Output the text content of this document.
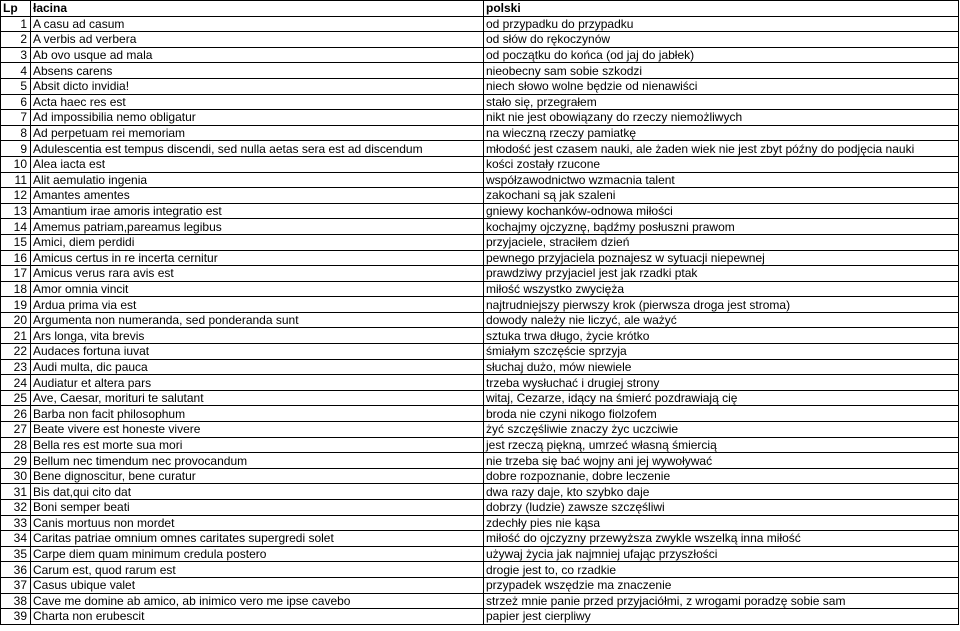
Lp	łacina	polski
1	A casu ad casum	od przypadku do przypadku
2	A verbis ad verbera	od słów do rękoczynów
3	Ab ovo usque ad mala	od początku do końca (od jaj do jabłek)
4	Absens carens	nieobecny sam sobie szkodzi
5	Absit dicto invidia!	niech słowo wolne będzie od nienawiści
6	Acta haec res est	stało się, przegrałem
7	Ad impossibilia nemo obligatur	nikt nie jest obowiązany do rzeczy niemożliwych
8	Ad perpetuam rei memoriam	na wieczną rzeczy pamiatkę
9	Adulescentia est tempus discendi, sed nulla aetas sera est ad discendum	młodość jest czasem nauki, ale żaden wiek nie jest zbyt późny do podjęcia nauki
10	Alea iacta est	kości zostały rzucone
11	Alit aemulatio ingenia	współzawodnictwo wzmacnia talent
12	Amantes amentes	zakochani są jak szaleni
13	Amantium irae amoris integratio est	gniewy kochanków-odnowa miłości
14	Amemus patriam,pareamus legibus	kochajmy ojczyznę, bądźmy posłuszni prawom
15	Amici, diem perdidi	przyjaciele, straciłem dzień
16	Amicus certus in re incerta cernitur	pewnego przyjaciela poznajesz w sytuacji niepewnej
17	Amicus verus rara avis est	prawdziwy przyjaciel jest jak rzadki ptak
18	Amor omnia vincit	miłość wszystko zwycięża
19	Ardua prima via est	najtrudniejszy pierwszy krok (pierwsza droga jest stroma)
20	Argumenta non numeranda, sed ponderanda sunt	dowody należy nie liczyć, ale ważyć
21	Ars longa, vita brevis	sztuka trwa długo, życie krótko
22	Audaces fortuna iuvat	śmiałym szczęście sprzyja
23	Audi multa, dic pauca	słuchaj dużo, mów niewiele
24	Audiatur et altera pars	trzeba wysłuchać i drugiej strony
25	Ave, Caesar, morituri te salutant	witaj, Cezarze, idący na śmierć pozdrawiają cię
26	Barba non facit philosophum	broda nie czyni nikogo fiolzofem
27	Beate vivere est honeste vivere	żyć szczęśliwie znaczy życ uczciwie
28	Bella res est morte sua mori	jest rzeczą piękną, umrzeć własną śmiercią
29	Bellum nec timendum nec provocandum	nie trzeba się bać wojny ani jej wywoływać
30	Bene dignoscitur, bene curatur	dobre rozpoznanie, dobre leczenie
31	Bis dat,qui cito dat	dwa razy daje, kto szybko daje
32	Boni semper beati	dobrzy (ludzie) zawsze szczęśliwi
33	Canis mortuus non mordet	zdechły pies nie kąsa
34	Caritas patriae omnium omnes caritates supergredi solet	miłość do ojczyzny przewyższa zwykle wszelką inna miłość
35	Carpe diem quam minimum credula postero	używaj życia jak najmniej ufając przyszłości
36	Carum est, quod rarum est	drogie jest to, co rzadkie
37	Casus ubique valet	przypadek wszędzie ma znaczenie
38	Cave me domine ab amico, ab inimico vero me ipse cavebo	strzeż mnie panie przed przyjaciółmi, z wrogami poradzę sobie sam
39	Charta non erubescit	papier jest cierpliwy
